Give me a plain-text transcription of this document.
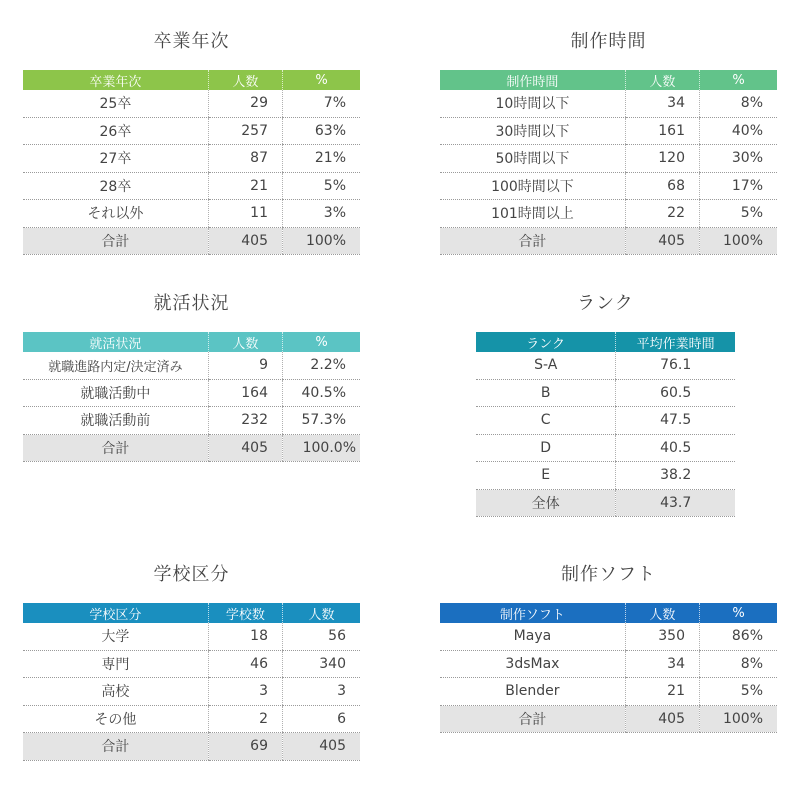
卒業年次
卒業年次	人数	%
25卒	29	7%
26卒	257	63%
27卒	87	21%
28卒	21	5%
それ以外	11	3%
合計	405	100%
制作時間
制作時間	人数	%
10時間以下	34	8%
30時間以下	161	40%
50時間以下	120	30%
100時間以下	68	17%
101時間以上	22	5%
合計	405	100%
就活状況
就活状況	人数	%
就職進路内定/決定済み	9	2.2%
就職活動中	164	40.5%
就職活動前	232	57.3%
合計	405	100.0%
ランク
ランク	平均作業時間
S-A	76.1
B	60.5
C	47.5
D	40.5
E	38.2
全体	43.7
学校区分
学校区分	学校数	人数
大学	18	56
専門	46	340
高校	3	3
その他	2	6
合計	69	405
制作ソフト
制作ソフト	人数	%
Maya	350	86%
3dsMax	34	8%
Blender	21	5%
合計	405	100%
